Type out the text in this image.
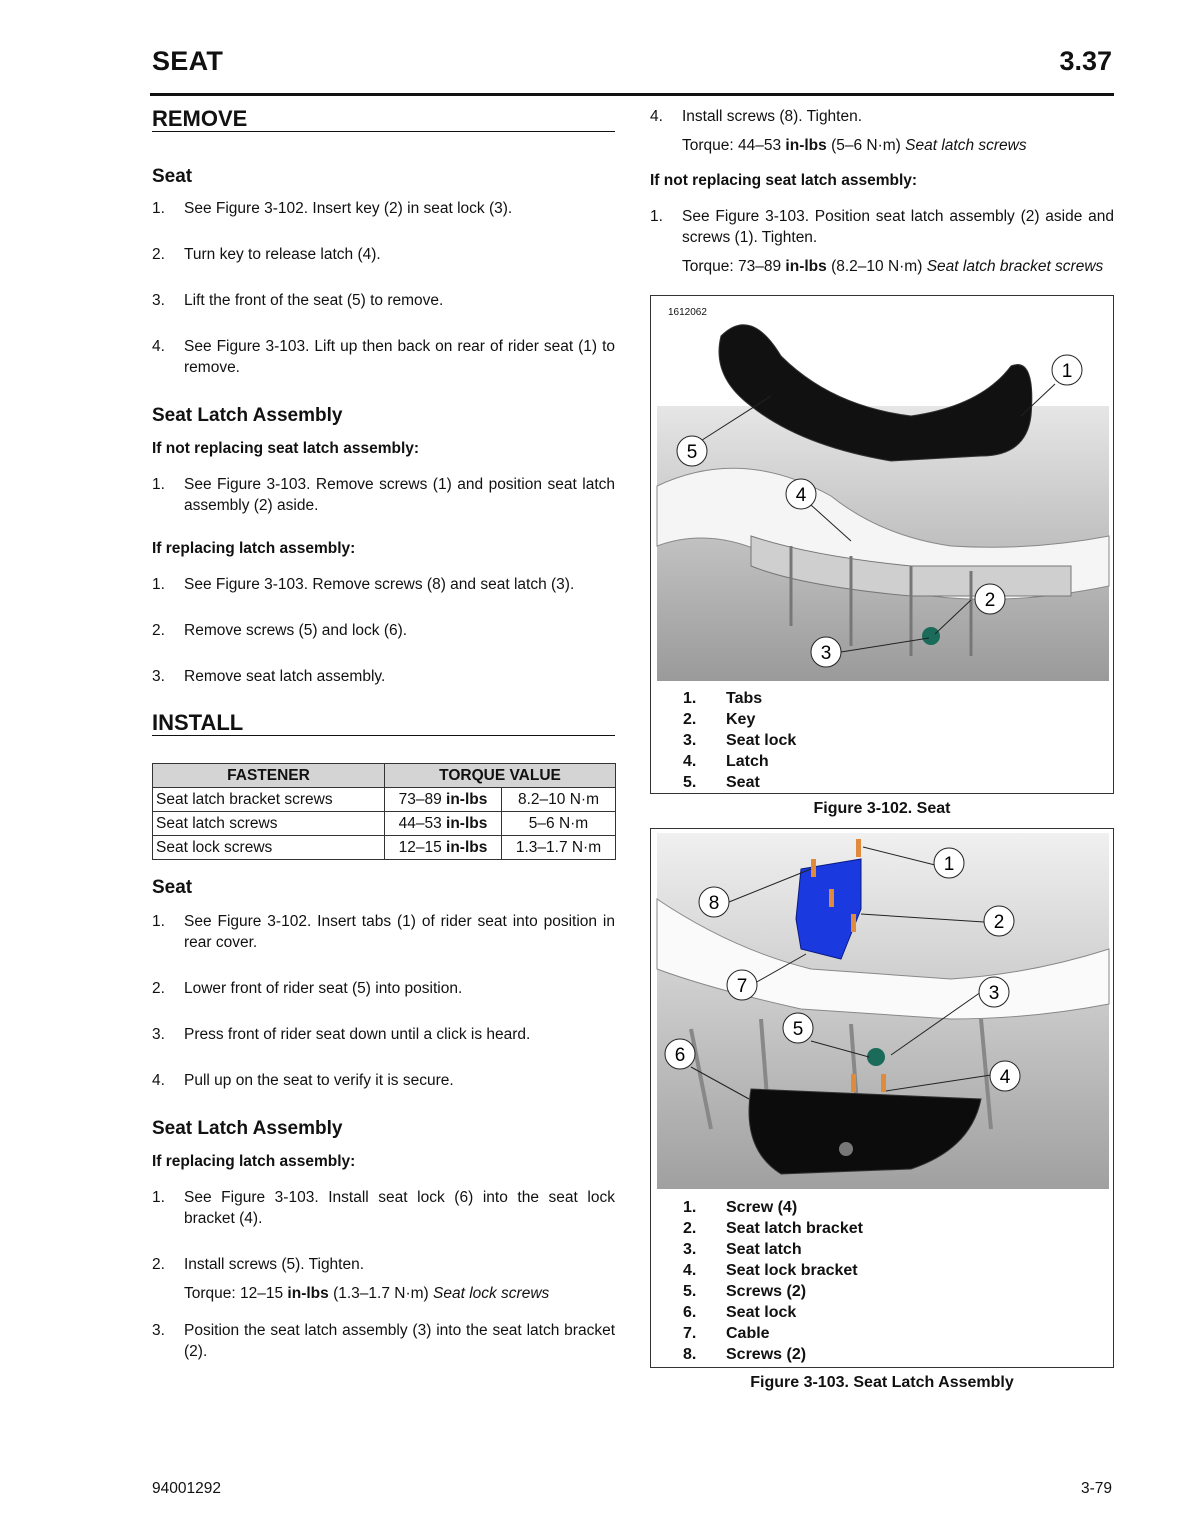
SEAT	3.37
REMOVE
Seat
1. See Figure 3-102. Insert key (2) in seat lock (3).
2. Turn key to release latch (4).
3. Lift the front of the seat (5) to remove.
4. See Figure 3-103. Lift up then back on rear of rider seat (1) to remove.
Seat Latch Assembly
If not replacing seat latch assembly:
1. See Figure 3-103. Remove screws (1) and position seat latch assembly (2) aside.
If replacing latch assembly:
1. See Figure 3-103. Remove screws (8) and seat latch (3).
2. Remove screws (5) and lock (6).
3. Remove seat latch assembly.
INSTALL
FASTENER	TORQUE VALUE	
Seat latch bracket screws	73–89 in-lbs	8.2–10 N·m
Seat latch screws	44–53 in-lbs	5–6 N·m
Seat lock screws	12–15 in-lbs	1.3–1.7 N·m
Seat
1. See Figure 3-102. Insert tabs (1) of rider seat into position in rear cover.
2. Lower front of rider seat (5) into position.
3. Press front of rider seat down until a click is heard.
4. Pull up on the seat to verify it is secure.
Seat Latch Assembly
If replacing latch assembly:
1. See Figure 3-103. Install seat lock (6) into the seat lock bracket (4).
2. Install screws (5). Tighten.
Torque: 12–15 in-lbs (1.3–1.7 N·m) Seat lock screws
3. Position the seat latch assembly (3) into the seat latch bracket (2).
4. Install screws (8). Tighten.
Torque: 44–53 in-lbs (5–6 N·m) Seat latch screws
If not replacing seat latch assembly:
1. See Figure 3-103. Position seat latch assembly (2) aside and screws (1). Tighten.
Torque: 73–89 in-lbs (8.2–10 N·m) Seat latch bracket screws
1612062
1
2
3
4
5
1. Tabs
2. Key
3. Seat lock
4. Latch
5. Seat
Figure 3-102. Seat
1
2
3
4
5
6
7
8
1. Screw (4)
2. Seat latch bracket
3. Seat latch
4. Seat lock bracket
5. Screws (2)
6. Seat lock
7. Cable
8. Screws (2)
Figure 3-103. Seat Latch Assembly
94001292	3-79
